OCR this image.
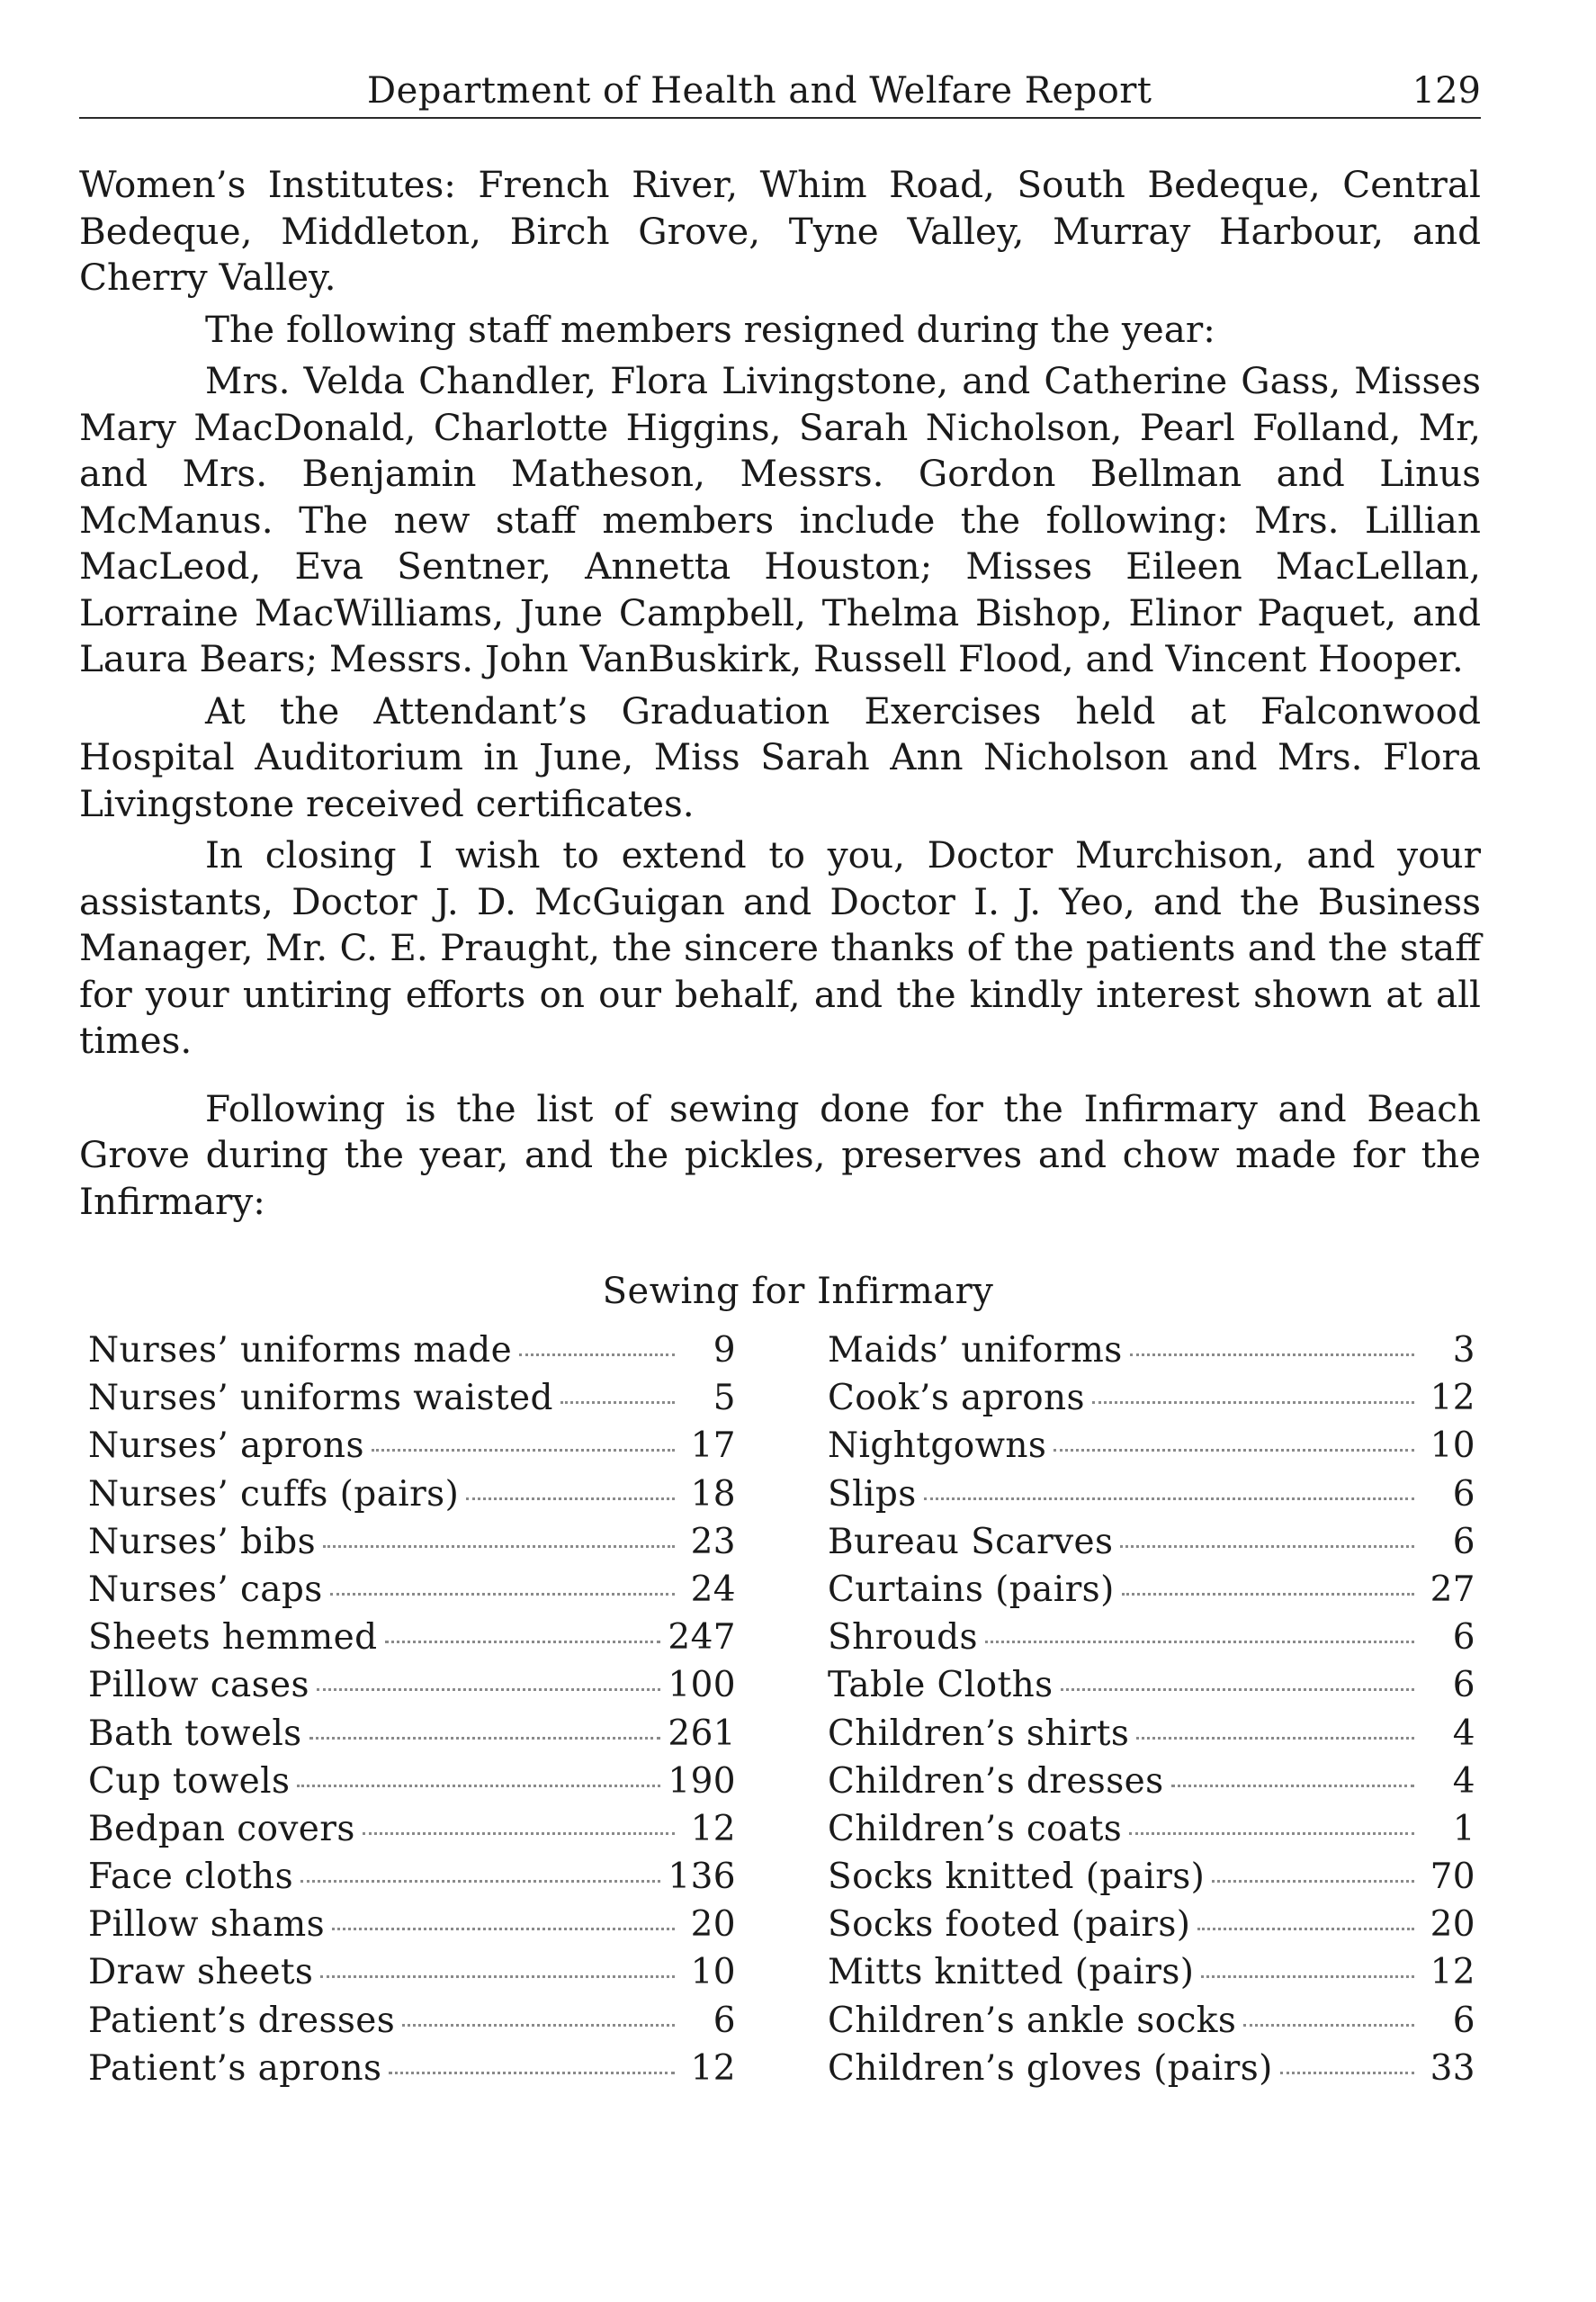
Department of Health and Welfare Report	129

Women’s Institutes: French River, Whim Road, South Bedeque, Central Bedeque, Middleton, Birch Grove, Tyne Valley, Murray Harbour, and Cherry Valley.

The following staff members resigned during the year:

Mrs. Velda Chandler, Flora Livingstone, and Catherine Gass, Misses Mary MacDonald, Charlotte Higgins, Sarah Nicholson, Pearl Folland, Mr, and Mrs. Benjamin Matheson, Messrs. Gordon Bellman and Linus McManus. The new staff members include the following: Mrs. Lillian MacLeod, Eva Sentner, Annetta Houston; Misses Eileen MacLellan, Lorraine MacWilliams, June Campbell, Thelma Bishop, Elinor Paquet, and Laura Bears; Messrs. John VanBuskirk, Russell Flood, and Vincent Hooper.

At the Attendant’s Graduation Exercises held at Falconwood Hospital Auditorium in June, Miss Sarah Ann Nicholson and Mrs. Flora Livingstone received certificates.

In closing I wish to extend to you, Doctor Murchison, and your assistants, Doctor J. D. McGuigan and Doctor I. J. Yeo, and the Business Manager, Mr. C. E. Praught, the sincere thanks of the patients and the staff for your untiring efforts on our behalf, and the kindly interest shown at all times.

Following is the list of sewing done for the Infirmary and Beach Grove during the year, and the pickles, preserves and chow made for the Infirmary:

Sewing for Infirmary
Nurses’ uniforms made	9
Nurses’ uniforms waisted	5
Nurses’ aprons	17
Nurses’ cuffs (pairs)	18
Nurses’ bibs	23
Nurses’ caps	24
Sheets hemmed	247
Pillow cases	100
Bath towels	261
Cup towels	190
Bedpan covers	12
Face cloths	136
Pillow shams	20
Draw sheets	10
Patient’s dresses	6
Patient’s aprons	12
Maids’ uniforms	3
Cook’s aprons	12
Nightgowns	10
Slips	6
Bureau Scarves	6
Curtains (pairs)	27
Shrouds	6
Table Cloths	6
Children’s shirts	4
Children’s dresses	4
Children’s coats	1
Socks knitted (pairs)	70
Socks footed (pairs)	20
Mitts knitted (pairs)	12
Children’s ankle socks	6
Children’s gloves (pairs)	33
